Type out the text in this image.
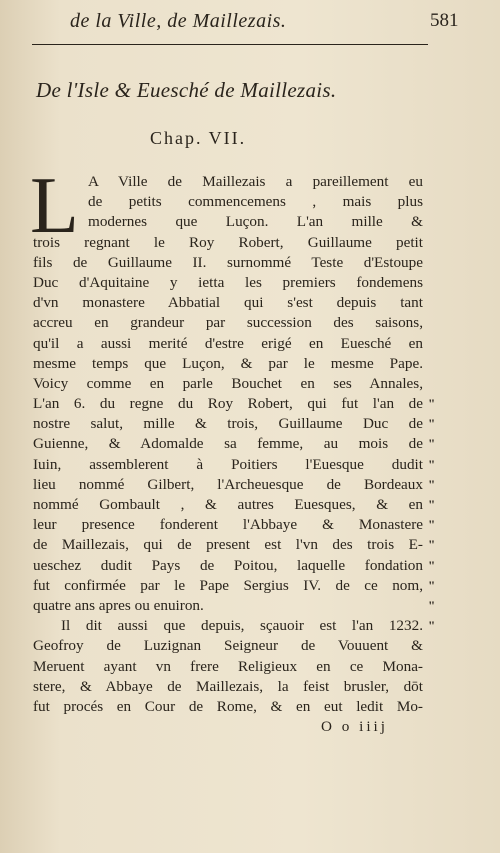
de la Ville, de Maillezais.	581
De l'Isle & Euesché de Maillezais.
Chap. VII.
L A Ville de Maillezais a pareillement eu
de petits commencemens , mais plus
modernes que Luçon. L'an mille &
trois regnant le Roy Robert, Guillaume petit
fils de Guillaume II. surnommé Teste d'Estoupe
Duc d'Aquitaine y ietta les premiers fondemens
d'vn monastere Abbatial qui s'est depuis tant
accreu en grandeur par succession des saisons,
qu'il a aussi merité d'estre erigé en Euesché en
mesme temps que Luçon, & par le mesme Pape.
Voicy comme en parle Bouchet en ses Annales,
L'an 6. du regne du Roy Robert, qui fut l'an de
nostre salut, mille & trois, Guillaume Duc de
Guienne, & Adomalde sa femme, au mois de
Iuin, assemblerent à Poitiers l'Euesque dudit
lieu nommé Gilbert, l'Archeuesque de Bordeaux
nommé Gombault , & autres Euesques, & en
leur presence fonderent l'Abbaye & Monastere
de Maillezais, qui de present est l'vn des trois E-
ueschez dudit Pays de Poitou, laquelle fondation
fut confirmée par le Pape Sergius IV. de ce nom,
quatre ans apres ou enuiron.
Il dit aussi que depuis, sçauoir est l'an 1232.
Geofroy de Luzignan Seigneur de Vouuent &
Meruent ayant vn frere Religieux en ce Mona-
stere, & Abbaye de Maillezais, la feist brusler, dōt
fut procés en Cour de Rome, & en eut ledit Mo-
O o iiij
"
"
"
"
"
"
"
"
"
"
"
"
